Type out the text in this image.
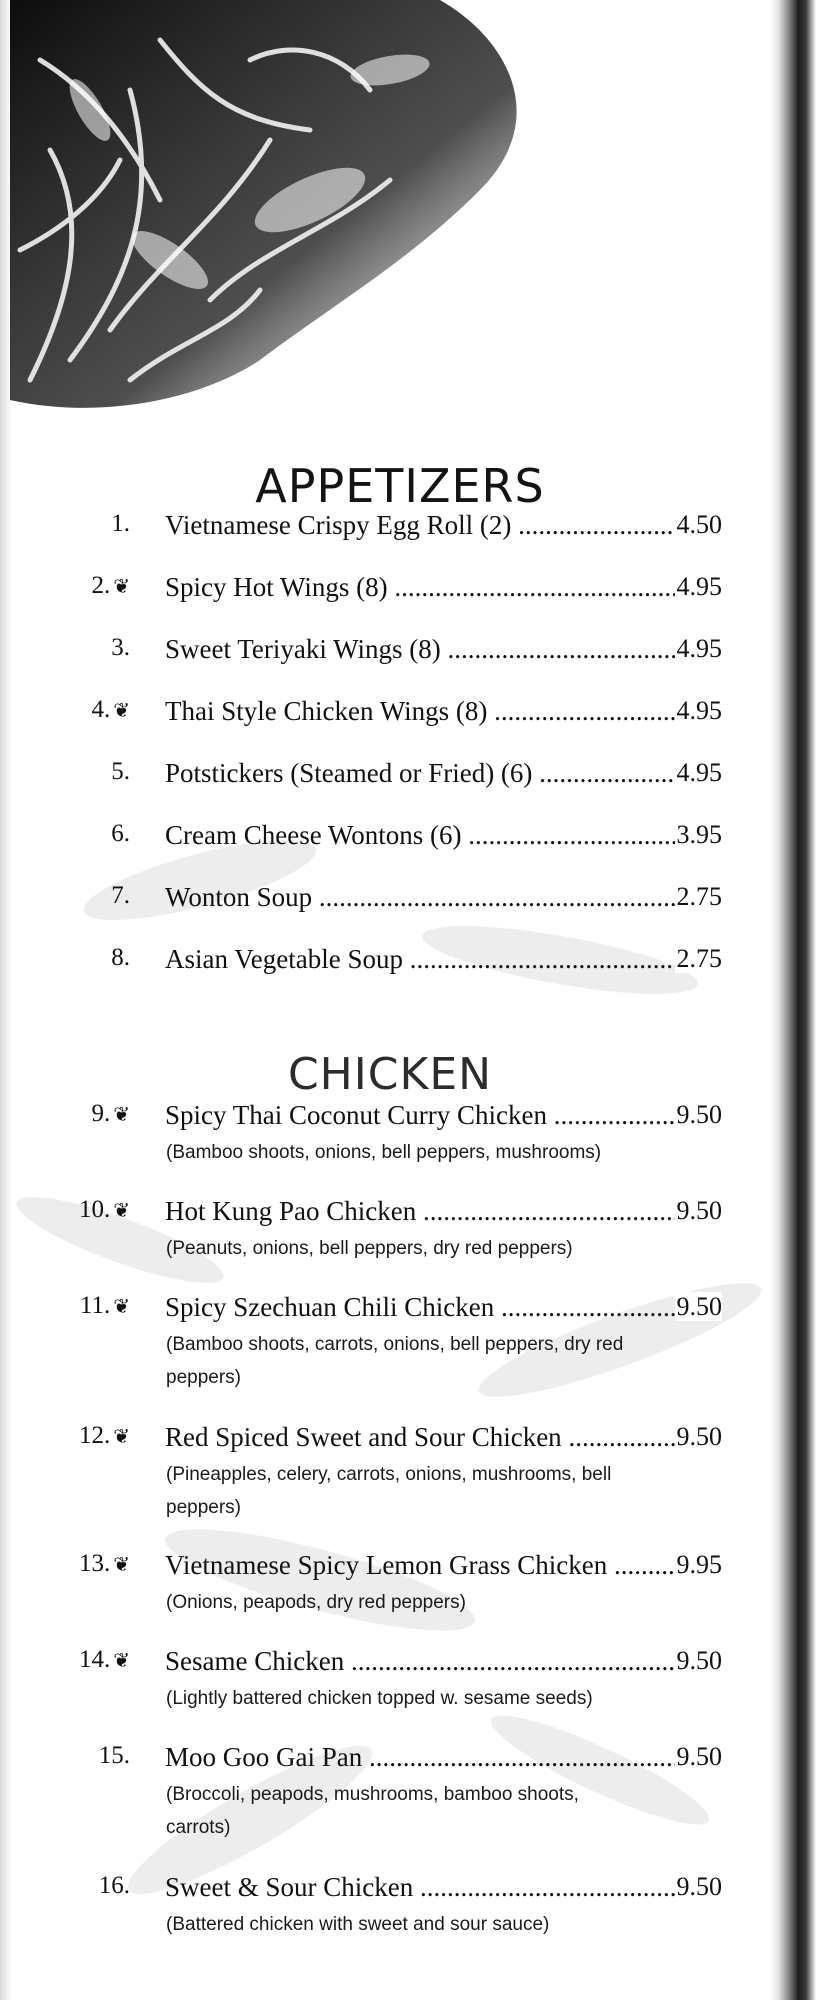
APPETIZERS
1. Vietnamese Crispy Egg Roll (2) .....	4.50
2. ❦ Spicy Hot Wings (8) .....	4.95
3. Sweet Teriyaki Wings (8) .....	4.95
4. ❦ Thai Style Chicken Wings (8) .....	4.95
5. Potstickers (Steamed or Fried) (6) .....	4.95
6. Cream Cheese Wontons (6) .....	3.95
7. Wonton Soup .....	2.75
8. Asian Vegetable Soup .....	2.75
CHICKEN
9. ❦ Spicy Thai Coconut Curry Chicken .....	9.50
(Bamboo shoots, onions, bell peppers, mushrooms)
10. ❦ Hot Kung Pao Chicken .....	9.50
(Peanuts, onions, bell peppers, dry red peppers)
11. ❦ Spicy Szechuan Chili Chicken .....	9.50
(Bamboo shoots, carrots, onions, bell peppers, dry red peppers)
12. ❦ Red Spiced Sweet and Sour Chicken .....	9.50
(Pineapples, celery, carrots, onions, mushrooms, bell peppers)
13. ❦ Vietnamese Spicy Lemon Grass Chicken .....	9.95
(Onions, peapods, dry red peppers)
14. ❦ Sesame Chicken .....	9.50
(Lightly battered chicken topped w. sesame seeds)
15. Moo Goo Gai Pan .....	9.50
(Broccoli, peapods, mushrooms, bamboo shoots, carrots)
16. Sweet & Sour Chicken .....	9.50
(Battered chicken with sweet and sour sauce)
